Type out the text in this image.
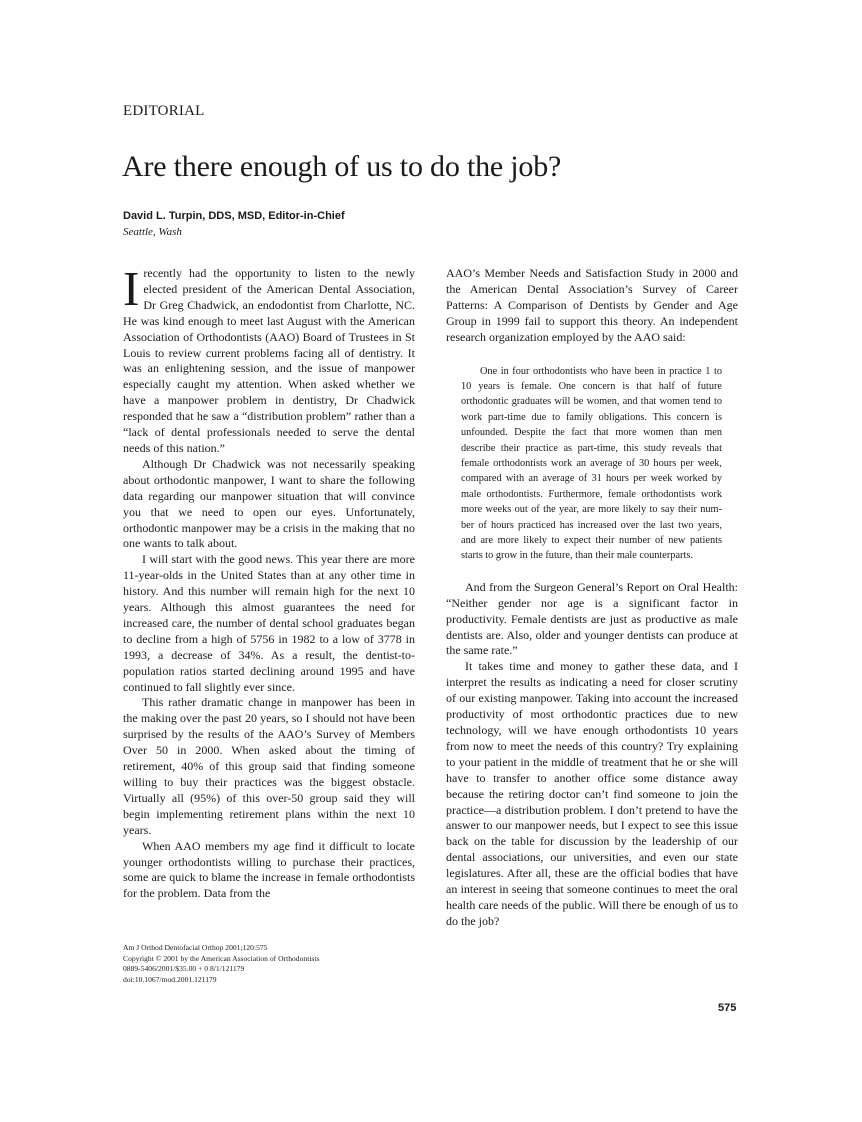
EDITORIAL
Are there enough of us to do the job?
David L. Turpin, DDS, MSD, Editor-in-Chief
Seattle, Wash

Irecently had the opportunity to listen to the newly elected president of the American Dental Association, Dr Greg Chadwick, an endodontist from Charlotte, NC. He was kind enough to meet last August with the American Association of Orthodontists (AAO) Board of Trustees in St Louis to review current problems facing all of dentistry. It was an enlightening session, and the issue of manpower especially caught my attention. When asked whether we have a manpower problem in dentistry, Dr Chadwick responded that he saw a “distribution problem” rather than a “lack of dental professionals needed to serve the dental needs of this nation.”

Although Dr Chadwick was not necessarily speaking about orthodontic manpower, I want to share the following data regarding our manpower situation that will convince you that we need to open our eyes. Unfortunately, orthodontic manpower may be a crisis in the making that no one wants to talk about.

I will start with the good news. This year there are more 11-year-olds in the United States than at any other time in history. And this number will remain high for the next 10 years. Although this almost guarantees the need for increased care, the number of dental school graduates began to decline from a high of 5756 in 1982 to a low of 3778 in 1993, a decrease of 34%. As a result, the dentist-to-population ratios started declining around 1995 and have continued to fall slightly ever since.

This rather dramatic change in manpower has been in the making over the past 20 years, so I should not have been surprised by the results of the AAO’s Survey of Members Over 50 in 2000. When asked about the timing of retirement, 40% of this group said that finding someone willing to buy their practices was the biggest obstacle. Virtually all (95%) of this over-50 group said they will begin implementing retirement plans within the next 10 years.

When AAO members my age find it difficult to locate younger orthodontists willing to purchase their practices, some are quick to blame the increase in female orthodontists for the problem. Data from the

AAO’s Member Needs and Satisfaction Study in 2000 and the American Dental Association’s Survey of Career Patterns: A Comparison of Dentists by Gender and Age Group in 1999 fail to support this theory. An independent research organization employed by the AAO said:

One in four orthodontists who have been in practice 1 to 10 years is female. One concern is that half of future orthodontic graduates will be women, and that women tend to work part-time due to family obligations. This concern is unfounded. Despite the fact that more women than men describe their practice as part-time, this study reveals that female orthodontists work an average of 30 hours per week, compared with an average of 31 hours per week worked by male orthodontists. Furthermore, female orthodontists work more weeks out of the year, are more likely to say their number of hours practiced has increased over the last two years, and are more likely to expect their number of new patients starts to grow in the future, than their male counterparts.

And from the Surgeon General’s Report on Oral Health: “Neither gender nor age is a significant factor in productivity. Female dentists are just as productive as male dentists are. Also, older and younger dentists can produce at the same rate.”

It takes time and money to gather these data, and I interpret the results as indicating a need for closer scrutiny of our existing manpower. Taking into account the increased productivity of most orthodontic practices due to new technology, will we have enough orthodontists 10 years from now to meet the needs of this country? Try explaining to your patient in the middle of treatment that he or she will have to transfer to another office some distance away because the retiring doctor can’t find someone to join the practice—a distribution problem. I don’t pretend to have the answer to our manpower needs, but I expect to see this issue back on the table for discussion by the leadership of our dental associations, our universities, and even our state legislatures. After all, these are the official bodies that have an interest in seeing that someone continues to meet the oral health care needs of the public. Will there be enough of us to do the job?

Am J Orthod Dentofacial Orthop 2001;120:575
Copyright © 2001 by the American Association of Orthodontists
0889-5406/2001/$35.00 + 0 8/1/121179
doi:10.1067/mod.2001.121179
575
